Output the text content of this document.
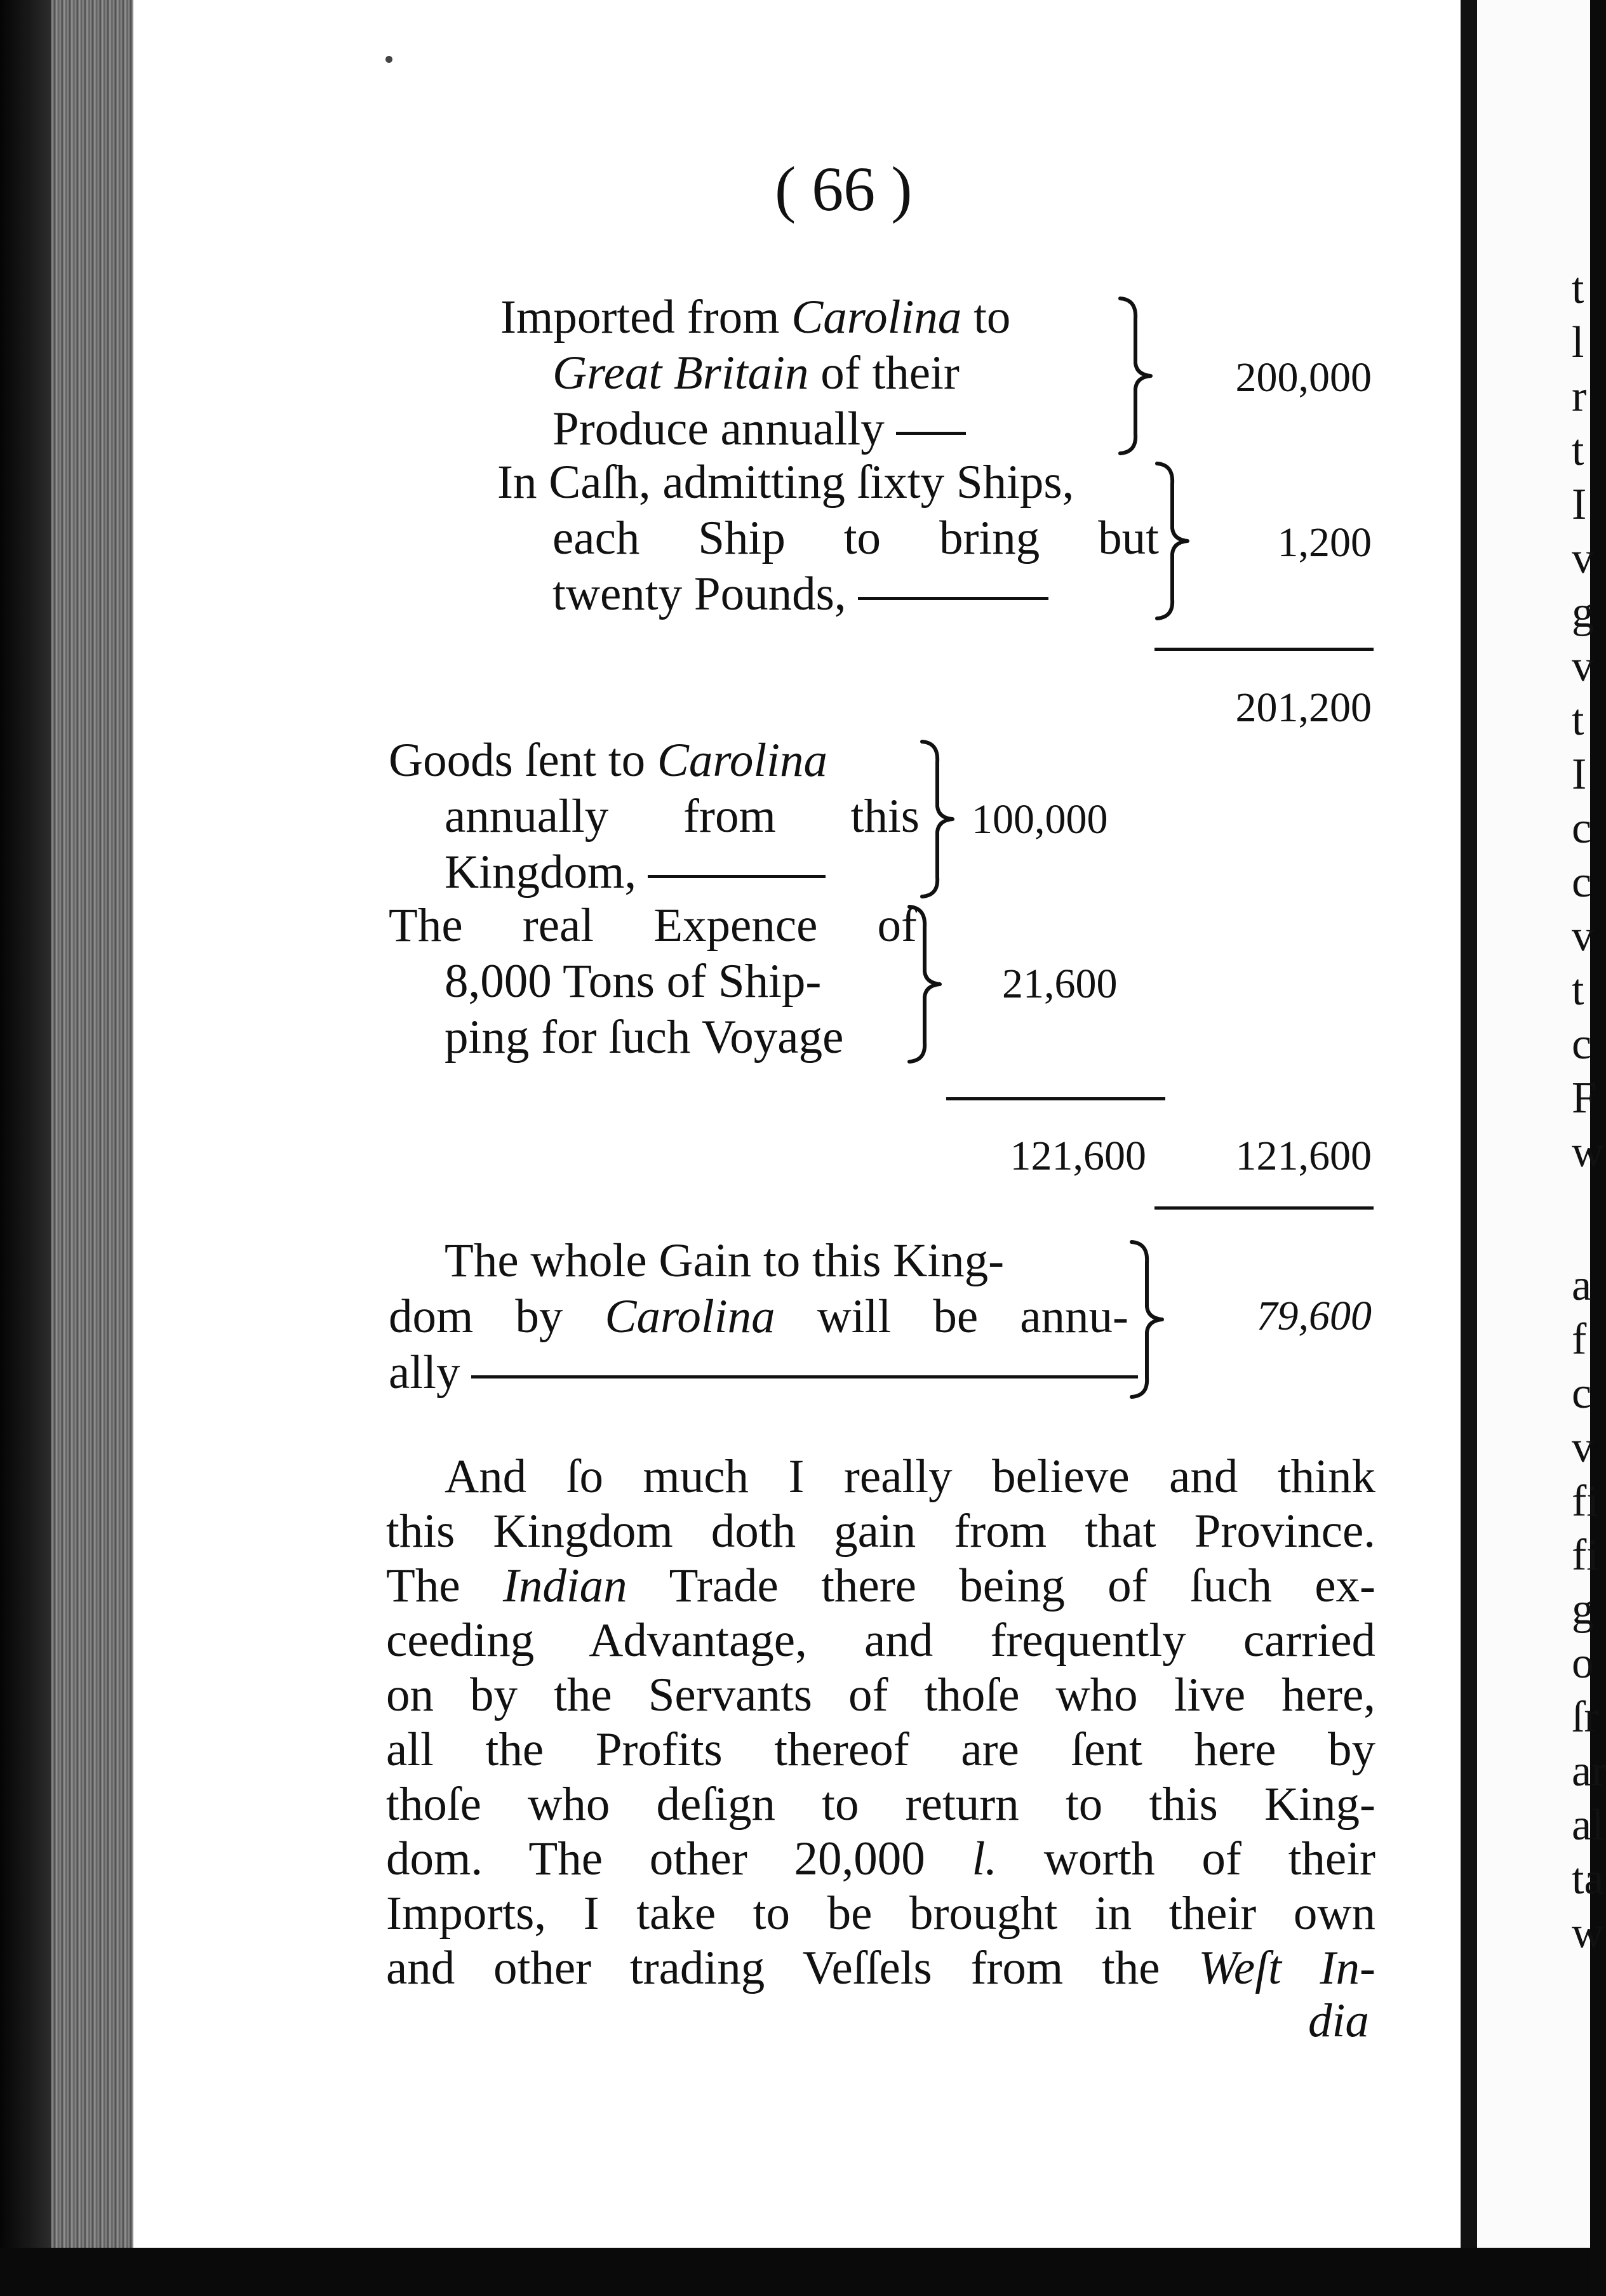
( 66 )
Imported from Carolina to
Great Britain of their
Produce annually
200,000
In Caſh, admitting ſixty Ships,
each Ship to bring but
twenty Pounds,
1,200
201,200
Goods ſent to Carolina
annually from this
Kingdom,
100,000
The real Expence of
8,000 Tons of Ship-
ping for ſuch Voyage
21,600
121,600	121,600
The whole Gain to this King-
dom by Carolina will be annu-
ally
79,600
And ſo much I really believe and think
this Kingdom doth gain from that Province.
The Indian Trade there being of ſuch ex-
ceeding Advantage, and frequently carried
on by the Servants of thoſe who live here,
all the Profits thereof are ſent here by
thoſe who deſign to return to this King-
dom. The other 20,000 l. worth of their
Imports, I take to be brought in their own
and other trading Veſſels from the Weſt In-
dia
t
l
r
t
I
v
g
v
t
I
c
c
v
t
c
F
w
a
f
c
v
fi
fi
g
o
ſr
ar
al
ta
w
